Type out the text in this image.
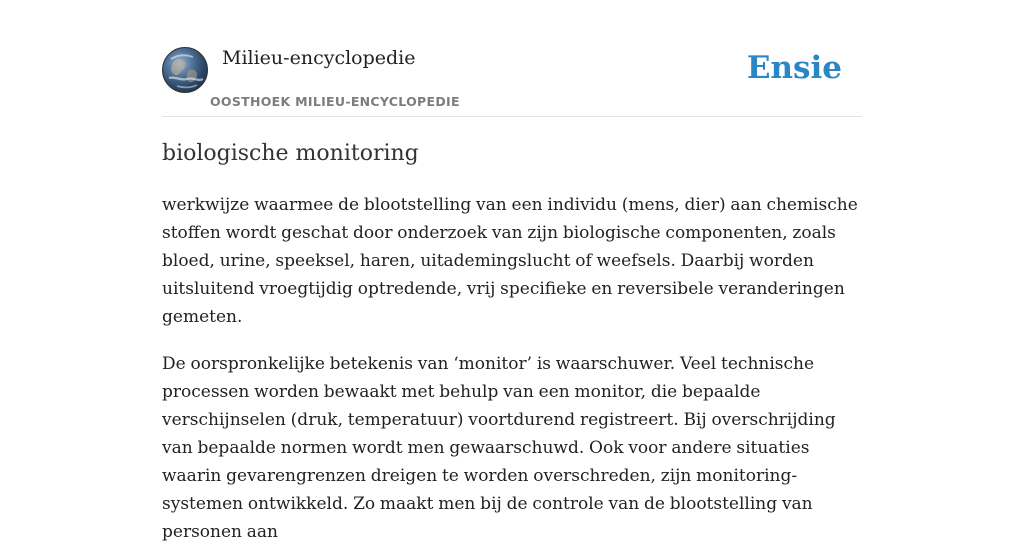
Milieu-encyclopedie
OOSTHOEK MILIEU-ENCYCLOPEDIE
Ensie
biologische monitoring

werkwijze waarmee de blootstelling van een individu (mens, dier) aan chemische stoffen wordt geschat door onderzoek van zijn biologische componenten, zoals bloed, urine, speeksel, haren, uitademingslucht of weefsels. Daarbij worden uitsluitend vroegtijdig optredende, vrij specifieke en reversibele veranderingen gemeten.

De oorspronkelijke betekenis van ‘monitor’ is waarschuwer. Veel technische processen worden bewaakt met behulp van een monitor, die bepaalde verschijnselen (druk, temperatuur) voortdurend registreert. Bij overschrijding van bepaalde normen wordt men gewaarschuwd. Ook voor andere situaties waarin gevarengrenzen dreigen te worden overschreden, zijn monitoring-systemen ontwikkeld. Zo maakt men bij de controle van de blootstelling van personen aan
